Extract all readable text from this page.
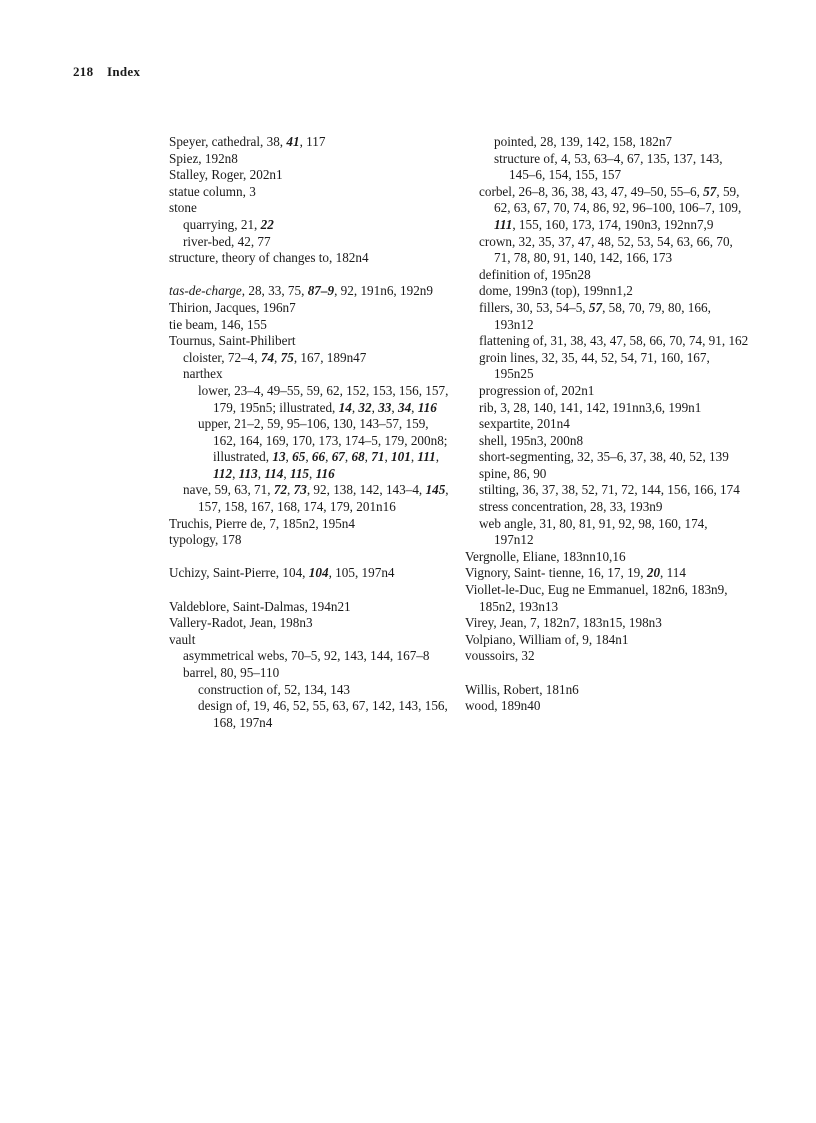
218 Index
Speyer, cathedral, 38, 41, 117
Spiez, 192n8
Stalley, Roger, 202n1
statue column, 3
stone
quarrying, 21, 22
river-bed, 42, 77
structure, theory of changes to, 182n4
tas-de-charge, 28, 33, 75, 87–9, 92, 191n6, 192n9
Thirion, Jacques, 196n7
tie beam, 146, 155
Tournus, Saint-Philibert
cloister, 72–4, 74, 75, 167, 189n47
narthex
lower, 23–4, 49–55, 59, 62, 152, 153, 156, 157, 179, 195n5; illustrated, 14, 32, 33, 34, 116
upper, 21–2, 59, 95–106, 130, 143–57, 159, 162, 164, 169, 170, 173, 174–5, 179, 200n8; illustrated, 13, 65, 66, 67, 68, 71, 101, 111, 112, 113, 114, 115, 116
nave, 59, 63, 71, 72, 73, 92, 138, 142, 143–4, 145, 157, 158, 167, 168, 174, 179, 201n16
Truchis, Pierre de, 7, 185n2, 195n4
typology, 178
Uchizy, Saint-Pierre, 104, 104, 105, 197n4
Valdeblore, Saint-Dalmas, 194n21
Vallery-Radot, Jean, 198n3
vault
asymmetrical webs, 70–5, 92, 143, 144, 167–8
barrel, 80, 95–110
construction of, 52, 134, 143
design of, 19, 46, 52, 55, 63, 67, 142, 143, 156, 168, 197n4
pointed, 28, 139, 142, 158, 182n7
structure of, 4, 53, 63–4, 67, 135, 137, 143, 145–6, 154, 155, 157
corbel, 26–8, 36, 38, 43, 47, 49–50, 55–6, 57, 59, 62, 63, 67, 70, 74, 86, 92, 96–100, 106–7, 109, 111, 155, 160, 173, 174, 190n3, 192nn7,9
crown, 32, 35, 37, 47, 48, 52, 53, 54, 63, 66, 70, 71, 78, 80, 91, 140, 142, 166, 173
definition of, 195n28
dome, 199n3 (top), 199nn1,2
fillers, 30, 53, 54–5, 57, 58, 70, 79, 80, 166, 193n12
flattening of, 31, 38, 43, 47, 58, 66, 70, 74, 91, 162
groin lines, 32, 35, 44, 52, 54, 71, 160, 167, 195n25
progression of, 202n1
rib, 3, 28, 140, 141, 142, 191nn3,6, 199n1
sexpartite, 201n4
shell, 195n3, 200n8
short-segmenting, 32, 35–6, 37, 38, 40, 52, 139
spine, 86, 90
stilting, 36, 37, 38, 52, 71, 72, 144, 156, 166, 174
stress concentration, 28, 33, 193n9
web angle, 31, 80, 81, 91, 92, 98, 160, 174, 197n12
Vergnolle, Eliane, 183nn10,16
Vignory, Saint- tienne, 16, 17, 19, 20, 114
Viollet-le-Duc, Eug ne Emmanuel, 182n6, 183n9, 185n2, 193n13
Virey, Jean, 7, 182n7, 183n15, 198n3
Volpiano, William of, 9, 184n1
voussoirs, 32
Willis, Robert, 181n6
wood, 189n40
